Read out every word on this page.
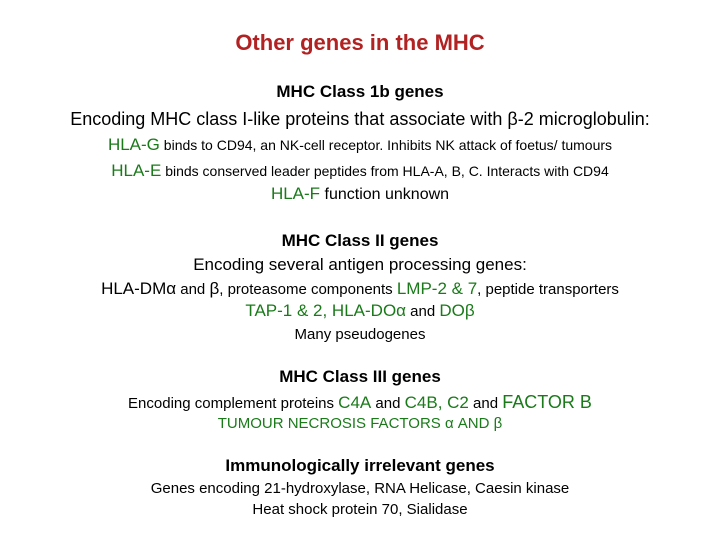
Other genes in the MHC
MHC Class 1b genes
Encoding MHC class I-like proteins that associate with β-2 microglobulin:
HLA-G binds to CD94, an NK-cell receptor. Inhibits NK attack of foetus/ tumours
HLA-E binds conserved leader peptides from HLA-A, B, C. Interacts with CD94
HLA-F function unknown
MHC Class II genes
Encoding several antigen processing genes:
HLA-DMα and β, proteasome components LMP-2 & 7, peptide transporters
TAP-1 & 2, HLA-DOα and DOβ
Many pseudogenes
MHC Class III genes
Encoding complement proteins C4A and C4B, C2 and FACTOR B
TUMOUR NECROSIS FACTORS α AND β
Immunologically irrelevant genes
Genes encoding 21-hydroxylase, RNA Helicase, Caesin kinase
Heat shock protein 70, Sialidase
